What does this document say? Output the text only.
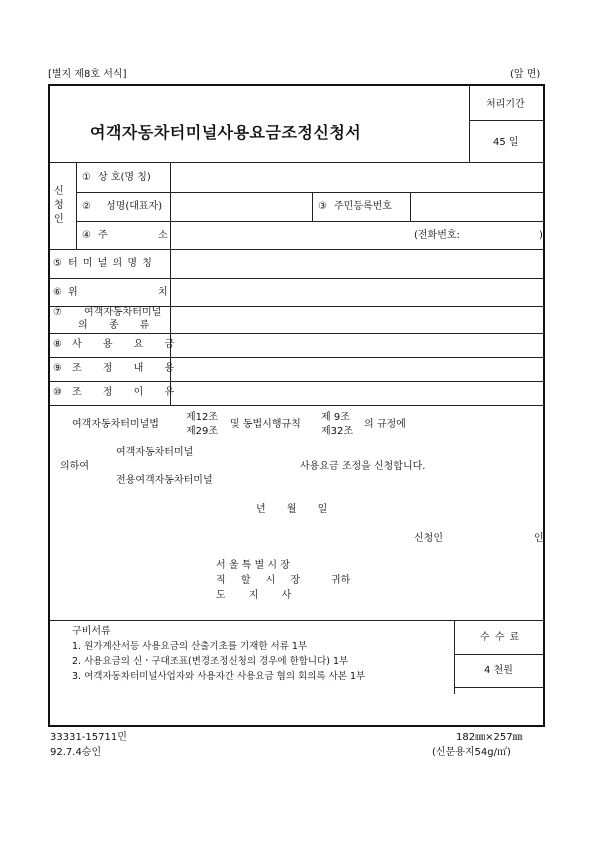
[별지 제8호 서식]	(앞 면)
여객자동차터미널사용요금조정신청서
처리기간
45 일
신
청
인
① 상 호(명 칭)
② 성명(대표자)	③ 주민등록번호
④ 주	소	(전화번호:	)
⑤ 터 미 널 의 명 칭
⑥ 위	치
⑦ 여객자동차터미널
의 종 류
⑧ 사 용 요 금
⑨ 조 정 내 용
⑩ 조 정 이 유
여객자동차터미널법
제12조
제29조
및 동법시행규칙
제 9조
제32조
의 규정에
의하여
여객자동차터미널
전용여객자동차터미널
사용요금 조정을 신청합니다.
년 월 일
신청인	인
서 울 특 별 시 장
직 할 시 장
도 지 사
귀하
구비서류
1. 원가계산서등 사용요금의 산출기초를 기재한 서류 1부
2. 사용요금의 신ㆍ구대조표(변경조정신청의 경우에 한합니다) 1부
3. 여객자동차터미널사업자와 사용자간 사용요금 협의 회의록 사본 1부
수 수 료
4 천원
33331-15711민
92.7.4승인
182㎜×257㎜
(신문용지54g/㎡)
